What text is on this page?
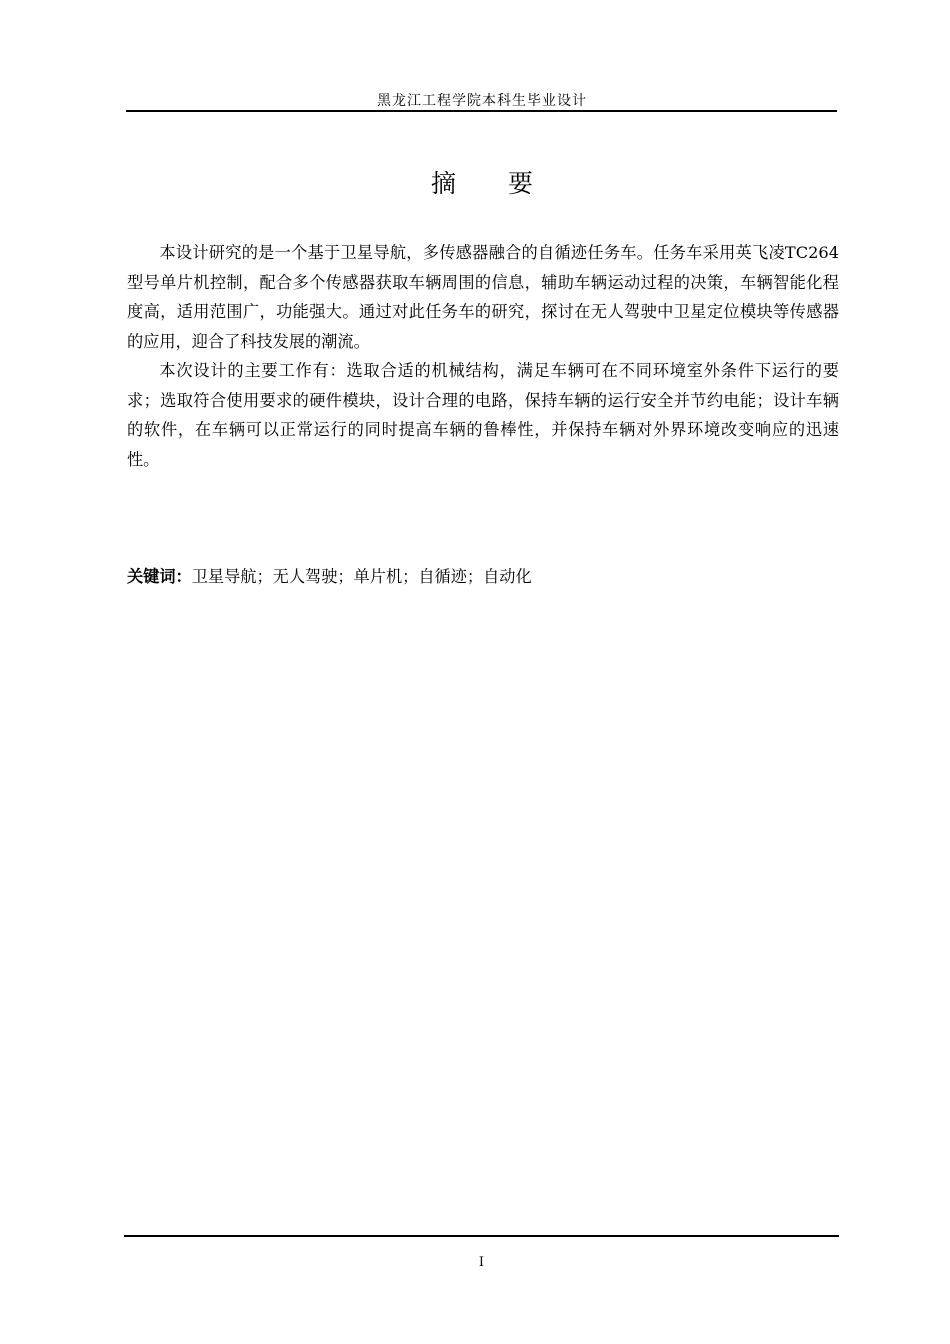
黑龙江工程学院本科生毕业设计
摘 要

本设计研究的是一个基于卫星导航，多传感器融合的自循迹任务车。任务车采用英飞凌TC264型号单片机控制，配合多个传感器获取车辆周围的信息，辅助车辆运动过程的决策，车辆智能化程度高，适用范围广，功能强大。通过对此任务车的研究，探讨在无人驾驶中卫星定位模块等传感器的应用，迎合了科技发展的潮流。

本次设计的主要工作有：选取合适的机械结构，满足车辆可在不同环境室外条件下运行的要求；选取符合使用要求的硬件模块，设计合理的电路，保持车辆的运行安全并节约电能；设计车辆的软件，在车辆可以正常运行的同时提高车辆的鲁棒性，并保持车辆对外界环境改变响应的迅速性。

关键词：卫星导航；无人驾驶；单片机；自循迹；自动化
I
